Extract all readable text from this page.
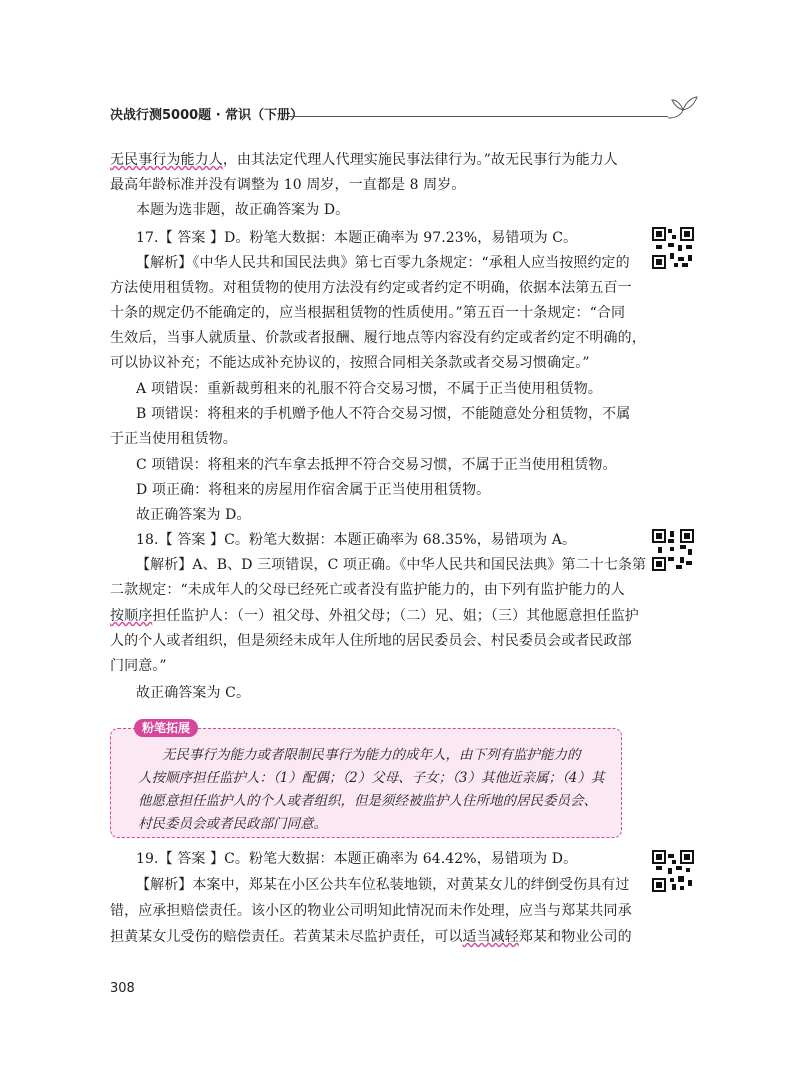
决战行测5000题 · 常识（下册）
无民事行为能力人，由其法定代理人代理实施民事法律行为。”故无民事行为能力人
最高年龄标准并没有调整为 10 周岁，一直都是 8 周岁。
本题为选非题，故正确答案为 D。
17.【 答案 】D。粉笔大数据：本题正确率为 97.23%，易错项为 C。
【解析】《中华人民共和国民法典》第七百零九条规定：“承租人应当按照约定的
方法使用租赁物。对租赁物的使用方法没有约定或者约定不明确，依据本法第五百一
十条的规定仍不能确定的，应当根据租赁物的性质使用。”第五百一十条规定：“合同
生效后，当事人就质量、价款或者报酬、履行地点等内容没有约定或者约定不明确的，
可以协议补充；不能达成补充协议的，按照合同相关条款或者交易习惯确定。”
A 项错误：重新裁剪租来的礼服不符合交易习惯，不属于正当使用租赁物。
B 项错误：将租来的手机赠予他人不符合交易习惯，不能随意处分租赁物，不属
于正当使用租赁物。
C 项错误：将租来的汽车拿去抵押不符合交易习惯，不属于正当使用租赁物。
D 项正确：将租来的房屋用作宿舍属于正当使用租赁物。
故正确答案为 D。
18.【 答案 】C。粉笔大数据：本题正确率为 68.35%，易错项为 A。
【解析】A、B、D 三项错误，C 项正确。《中华人民共和国民法典》第二十七条第
二款规定：“未成年人的父母已经死亡或者没有监护能力的，由下列有监护能力的人
按顺序担任监护人：（一）祖父母、外祖父母；（二）兄、姐；（三）其他愿意担任监护
人的个人或者组织，但是须经未成年人住所地的居民委员会、村民委员会或者民政部
门同意。”
故正确答案为 C。
粉笔拓展
无民事行为能力或者限制民事行为能力的成年人，由下列有监护能力的
人按顺序担任监护人：（1）配偶；（2）父母、子女；（3）其他近亲属；（4）其
他愿意担任监护人的个人或者组织，但是须经被监护人住所地的居民委员会、
村民委员会或者民政部门同意。
19.【 答案 】C。粉笔大数据：本题正确率为 64.42%，易错项为 D。
【解析】本案中，郑某在小区公共车位私装地锁，对黄某女儿的绊倒受伤具有过
错，应承担赔偿责任。该小区的物业公司明知此情况而未作处理，应当与郑某共同承
担黄某女儿受伤的赔偿责任。若黄某未尽监护责任，可以适当减轻郑某和物业公司的
308
